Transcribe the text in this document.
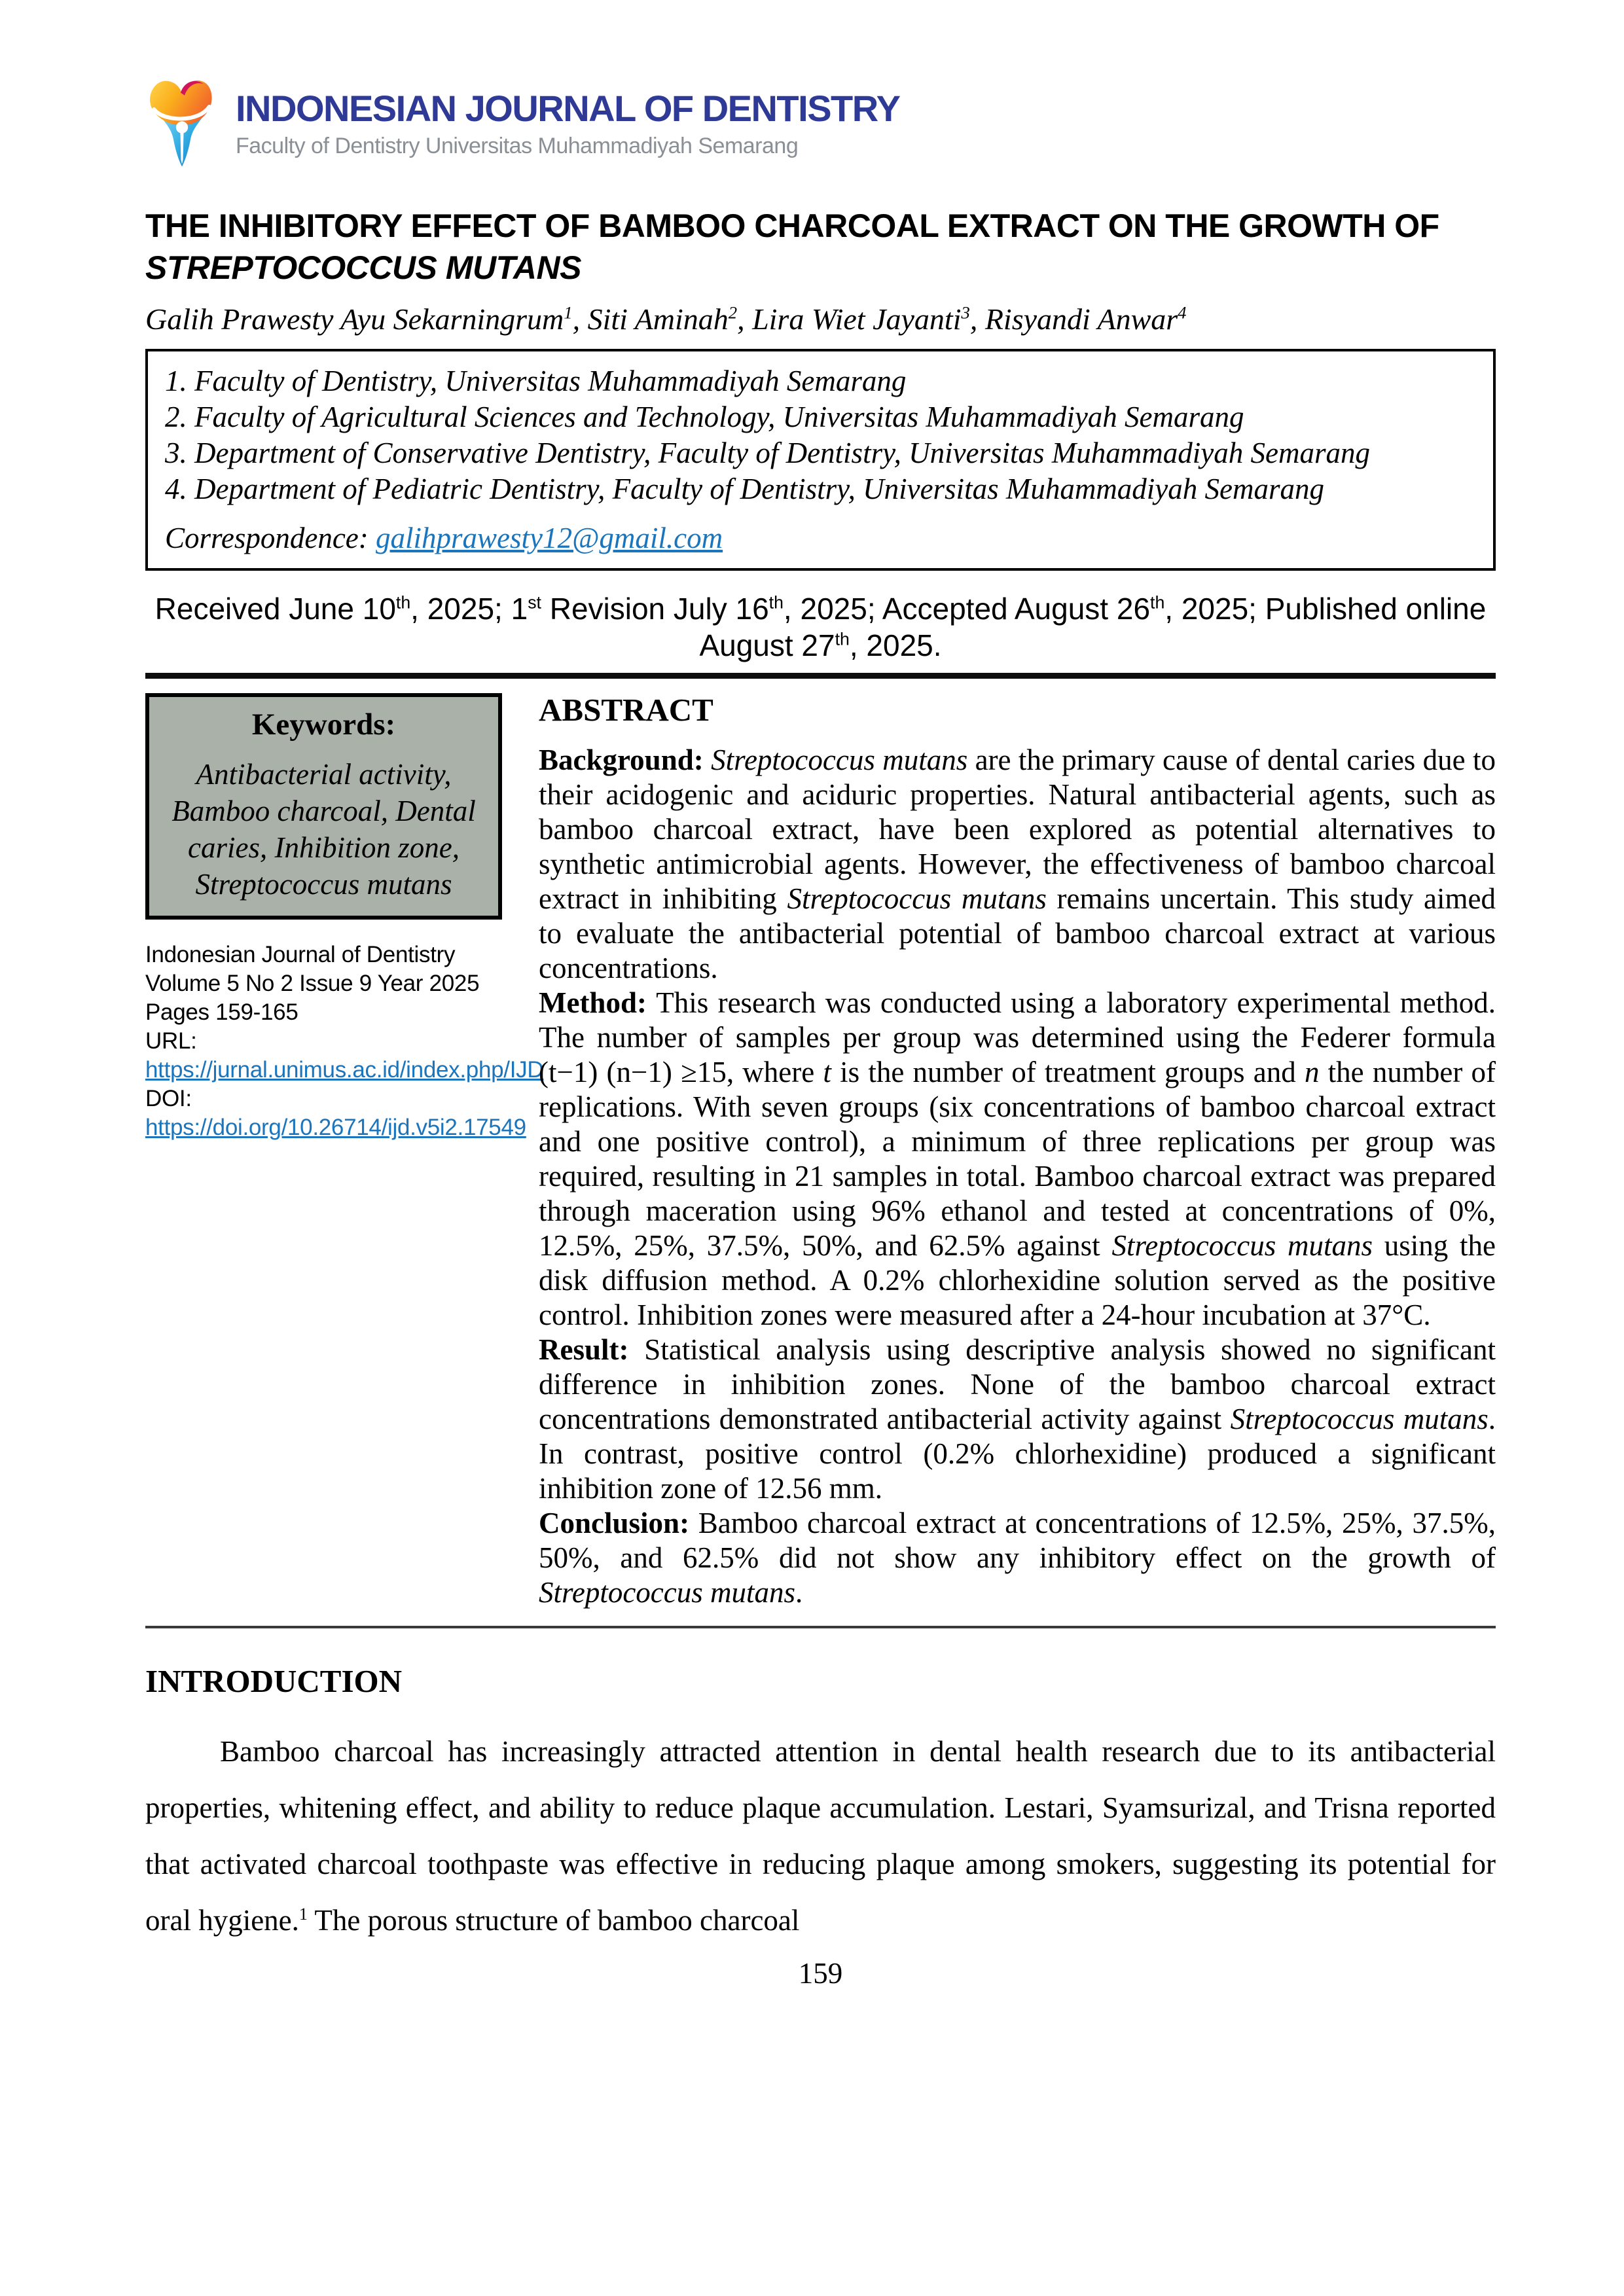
INDONESIAN JOURNAL OF DENTISTRY
Faculty of Dentistry Universitas Muhammadiyah Semarang
THE INHIBITORY EFFECT OF BAMBOO CHARCOAL EXTRACT ON THE GROWTH OF
STREPTOCOCCUS MUTANS
Galih Prawesty Ayu Sekarningrum$^1$, Siti Aminah$^2$, Lira Wiet Jayanti$^3$, Risyandi Anwar$^4$
1. Faculty of Dentistry, Universitas Muhammadiyah Semarang
2. Faculty of Agricultural Sciences and Technology, Universitas Muhammadiyah Semarang
3. Department of Conservative Dentistry, Faculty of Dentistry, Universitas Muhammadiyah Semarang
4. Department of Pediatric Dentistry, Faculty of Dentistry, Universitas Muhammadiyah Semarang
Correspondence: galihprawesty12@gmail.com
Received June 10th, 2025; 1st Revision July 16th, 2025; Accepted August 26th, 2025; Published online
August 27th, 2025.
Keywords:
Antibacterial activity, Bamboo charcoal, Dental caries, Inhibition zone, Streptococcus mutans
Indonesian Journal of Dentistry
Volume 5 No 2 Issue 9 Year 2025 Pages 159-165
URL: https://jurnal.unimus.ac.id/index.php/IJD
DOI: https://doi.org/10.26714/ijd.v5i2.17549
ABSTRACT

Background: Streptococcus mutans are the primary cause of dental caries due to their acidogenic and aciduric properties. Natural antibacterial agents, such as bamboo charcoal extract, have been explored as potential alternatives to synthetic antimicrobial agents. However, the effectiveness of bamboo charcoal extract in inhibiting Streptococcus mutans remains uncertain. This study aimed to evaluate the antibacterial potential of bamboo charcoal extract at various concentrations.

Method: This research was conducted using a laboratory experimental method. The number of samples per group was determined using the Federer formula (t−1) (n−1) ≥15, where t is the number of treatment groups and n the number of replications. With seven groups (six concentrations of bamboo charcoal extract and one positive control), a minimum of three replications per group was required, resulting in 21 samples in total. Bamboo charcoal extract was prepared through maceration using 96% ethanol and tested at concentrations of 0%, 12.5%, 25%, 37.5%, 50%, and 62.5% against Streptococcus mutans using the disk diffusion method. A 0.2% chlorhexidine solution served as the positive control. Inhibition zones were measured after a 24-hour incubation at 37°C.

Result: Statistical analysis using descriptive analysis showed no significant difference in inhibition zones. None of the bamboo charcoal extract concentrations demonstrated antibacterial activity against Streptococcus mutans. In contrast, positive control (0.2% chlorhexidine) produced a significant inhibition zone of 12.56 mm.

Conclusion: Bamboo charcoal extract at concentrations of 12.5%, 25%, 37.5%, 50%, and 62.5% did not show any inhibitory effect on the growth of Streptococcus mutans.

INTRODUCTION

Bamboo charcoal has increasingly attracted attention in dental health research due to its antibacterial properties, whitening effect, and ability to reduce plaque accumulation. Lestari, Syamsurizal, and Trisna reported that activated charcoal toothpaste was effective in reducing plaque among smokers, suggesting its potential for oral hygiene.$^1$ The porous structure of bamboo charcoal

159
